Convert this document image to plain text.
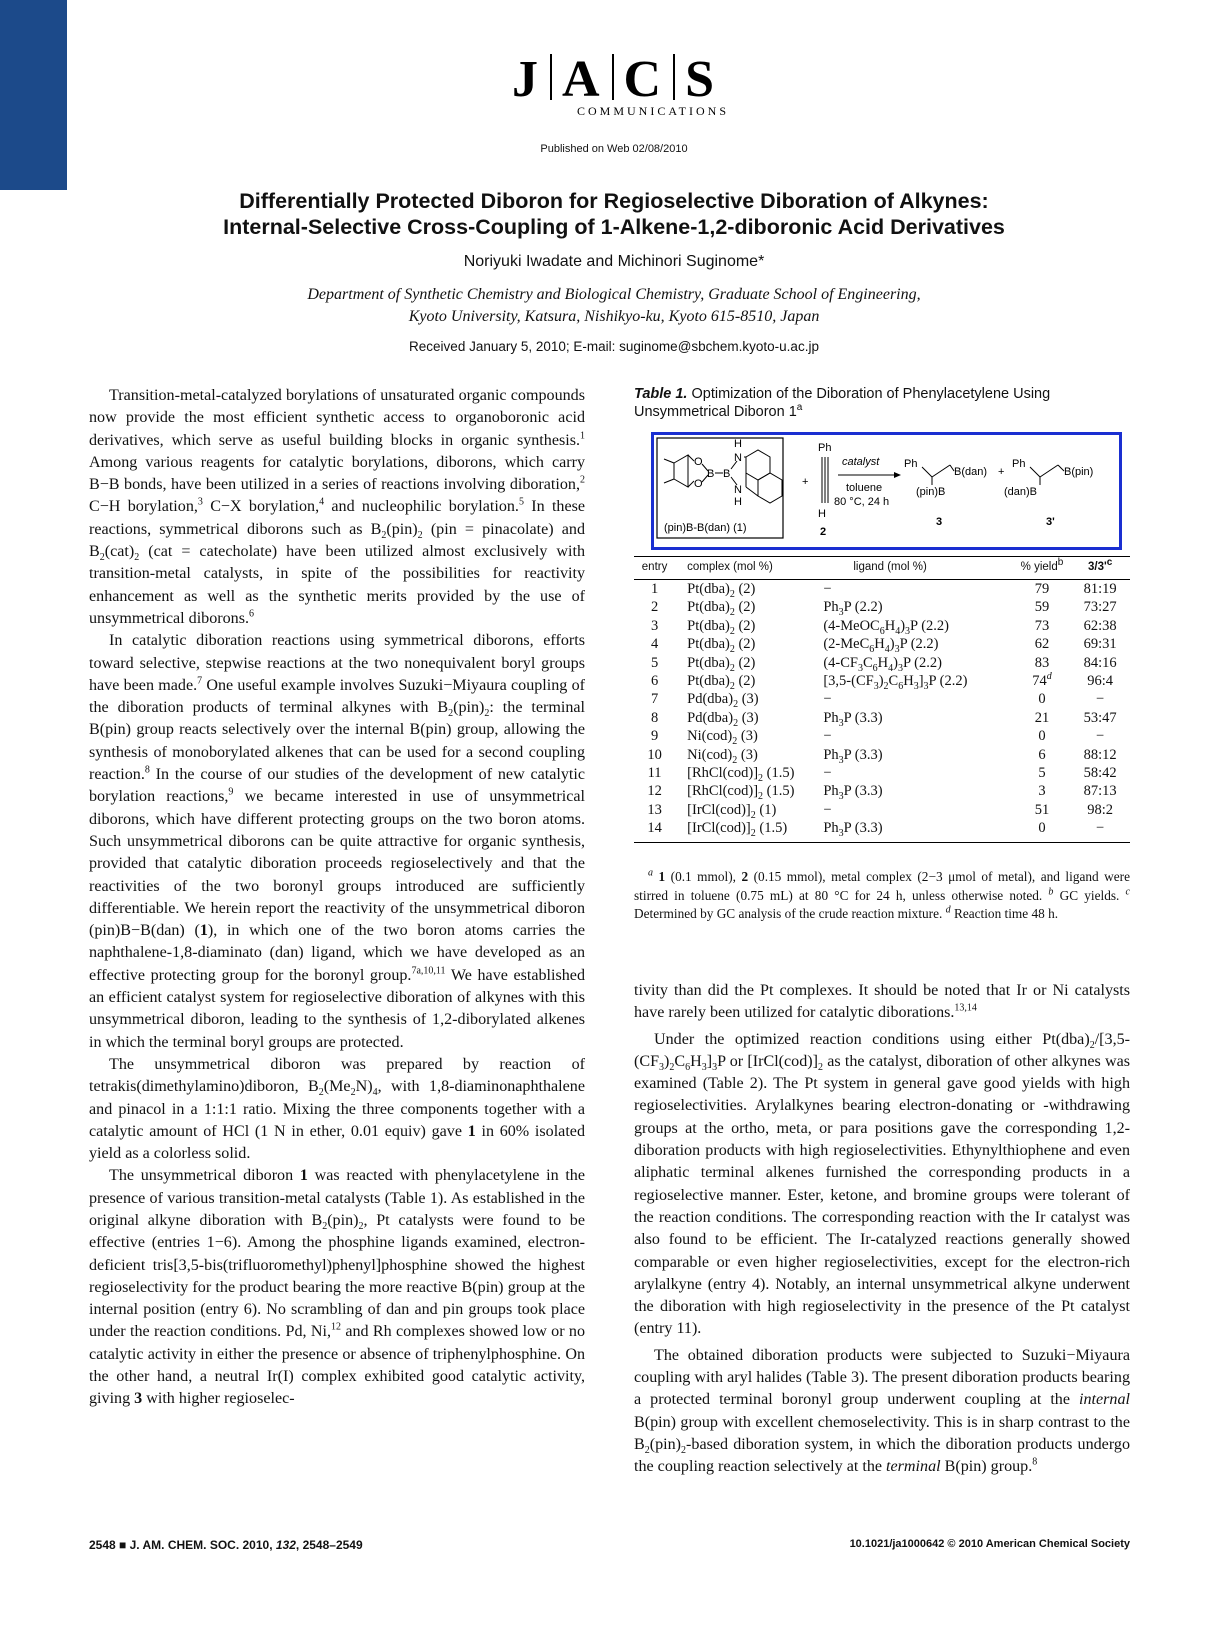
J A C S
COMMUNICATIONS
Published on Web 02/08/2010
Differentially Protected Diboron for Regioselective Diboration of Alkynes:
Internal-Selective Cross-Coupling of 1-Alkene-1,2-diboronic Acid Derivatives
Noriyuki Iwadate and Michinori Suginome*
Department of Synthetic Chemistry and Biological Chemistry, Graduate School of Engineering,
Kyoto University, Katsura, Nishikyo-ku, Kyoto 615-8510, Japan
Received January 5, 2010; E-mail: suginome@sbchem.kyoto-u.ac.jp

Transition-metal-catalyzed borylations of unsaturated organic compounds now provide the most efficient synthetic access to organoboronic acid derivatives, which serve as useful building blocks in organic synthesis.$^1$ Among various reagents for catalytic borylations, diborons, which carry B−B bonds, have been utilized in a series of reactions involving diboration,$^2$ C−H borylation,$^3$ C−X borylation,$^4$ and nucleophilic borylation.$^5$ In these reactions, symmetrical diborons such as $B_2(pin)_2$ (pin = pinacolate) and $B_2(cat)_2$ (cat = catecholate) have been utilized almost exclusively with transition-metal catalysts, in spite of the possibilities for reactivity enhancement as well as the synthetic merits provided by the use of unsymmetrical diborons.$^6$

In catalytic diboration reactions using symmetrical diborons, efforts toward selective, stepwise reactions at the two nonequivalent boryl groups have been made.$^7$ One useful example involves Suzuki−Miyaura coupling of the diboration products of terminal alkynes with $B_2(pin)_2$: the terminal B(pin) group reacts selectively over the internal B(pin) group, allowing the synthesis of monoborylated alkenes that can be used for a second coupling reaction.$^8$ In the course of our studies of the development of new catalytic borylation reactions,$^9$ we became interested in use of unsymmetrical diborons, which have different protecting groups on the two boron atoms. Such unsymmetrical diborons can be quite attractive for organic synthesis, provided that catalytic diboration proceeds regioselectively and that the reactivities of the two boronyl groups introduced are sufficiently differentiable. We herein report the reactivity of the unsymmetrical diboron (pin)B−B(dan) (1), in which one of the two boron atoms carries the naphthalene-1,8-diaminato (dan) ligand, which we have developed as an effective protecting group for the boronyl group.$^{7a,10,11}$ We have established an efficient catalyst system for regioselective diboration of alkynes with this unsymmetrical diboron, leading to the synthesis of 1,2-diborylated alkenes in which the terminal boryl groups are protected.

The unsymmetrical diboron was prepared by reaction of tetrakis(dimethylamino)diboron, $B_2(Me_2N)_4$, with 1,8-diaminonaphthalene and pinacol in a 1:1:1 ratio. Mixing the three components together with a catalytic amount of HCl (1 N in ether, 0.01 equiv) gave 1 in 60% isolated yield as a colorless solid.

The unsymmetrical diboron 1 was reacted with phenylacetylene in the presence of various transition-metal catalysts (Table 1). As established in the original alkyne diboration with $B_2(pin)_2$, Pt catalysts were found to be effective (entries 1−6). Among the phosphine ligands examined, electron-deficient tris[3,5-bis(trifluoromethyl)phenyl]phosphine showed the highest regioselectivity for the product bearing the more reactive B(pin) group at the internal position (entry 6). No scrambling of dan and pin groups took place under the reaction conditions. Pd, Ni,$^{12}$ and Rh complexes showed low or no catalytic activity in either the presence or absence of triphenylphosphine. On the other hand, a neutral Ir(I) complex exhibited good catalytic activity, giving 3 with higher regioselec-

Table 1. Optimization of the Diboration of Phenylacetylene Using Unsymmetrical Diboron 1$^a$
O
O
B B
H
N
N
H
(pin)B-B(dan) (1)
+
Ph
H
2
catalyst
toluene
80 °C, 24 h
Ph
B(dan)
(pin)B
3
+
Ph
B(pin)
(dan)B
3'
entry	complex (mol %)	ligand (mol %)	% yield$^b$	$3/3'^c$
1	$Pt(dba)_2$ (2)	−	79	81:19
2	$Pt(dba)_2$ (2)	$Ph_3P$ (2.2)	59	73:27
3	$Pt(dba)_2$ (2)	$(4-MeOC_6H_4)_3P$ (2.2)	73	62:38
4	$Pt(dba)_2$ (2)	$(2-MeC_6H_4)_3P$ (2.2)	62	69:31
5	$Pt(dba)_2$ (2)	$(4-CF_3C_6H_4)_3P$ (2.2)	83	84:16
6	$Pt(dba)_2$ (2)	$[3,5-(CF_3)_2C_6H_3]_3P$ (2.2)	74$^d$	96:4
7	$Pd(dba)_2$ (3)	−	0	−
8	$Pd(dba)_2$ (3)	$Ph_3P$ (3.3)	21	53:47
9	$Ni(cod)_2$ (3)	−	0	−
10	$Ni(cod)_2$ (3)	$Ph_3P$ (3.3)	6	88:12
11	$[RhCl(cod)]_2$ (1.5)	−	5	58:42
12	$[RhCl(cod)]_2$ (1.5)	$Ph_3P$ (3.3)	3	87:13
13	$[IrCl(cod)]_2$ (1)	−	51	98:2
14	$[IrCl(cod)]_2$ (1.5)	$Ph_3P$ (3.3)	0	−
$^a$ 1 (0.1 mmol), 2 (0.15 mmol), metal complex (2−3 μmol of metal), and ligand were stirred in toluene (0.75 mL) at 80 °C for 24 h, unless otherwise noted. $^b$ GC yields. $^c$ Determined by GC analysis of the crude reaction mixture. $^d$ Reaction time 48 h.

tivity than did the Pt complexes. It should be noted that Ir or Ni catalysts have rarely been utilized for catalytic diborations.$^{13,14}$

Under the optimized reaction conditions using either $Pt(dba)_2/[3,5-(CF_3)_2C_6H_3]_3P$ or $[IrCl(cod)]_2$ as the catalyst, diboration of other alkynes was examined (Table 2). The Pt system in general gave good yields with high regioselectivities. Arylalkynes bearing electron-donating or -withdrawing groups at the ortho, meta, or para positions gave the corresponding 1,2-diboration products with high regioselectivities. Ethynylthiophene and even aliphatic terminal alkenes furnished the corresponding products in a regioselective manner. Ester, ketone, and bromine groups were tolerant of the reaction conditions. The corresponding reaction with the Ir catalyst was also found to be efficient. The Ir-catalyzed reactions generally showed comparable or even higher regioselectivities, except for the electron-rich arylalkyne (entry 4). Notably, an internal unsymmetrical alkyne underwent the diboration with high regioselectivity in the presence of the Pt catalyst (entry 11).

The obtained diboration products were subjected to Suzuki−Miyaura coupling with aryl halides (Table 3). The present diboration products bearing a protected terminal boronyl group underwent coupling at the internal B(pin) group with excellent chemoselectivity. This is in sharp contrast to the $B_2(pin)_2$-based diboration system, in which the diboration products undergo the coupling reaction selectively at the terminal B(pin) group.$^8$

2548 ■ J. AM. CHEM. SOC. 2010, 132, 2548–2549	10.1021/ja1000642 © 2010 American Chemical Society
